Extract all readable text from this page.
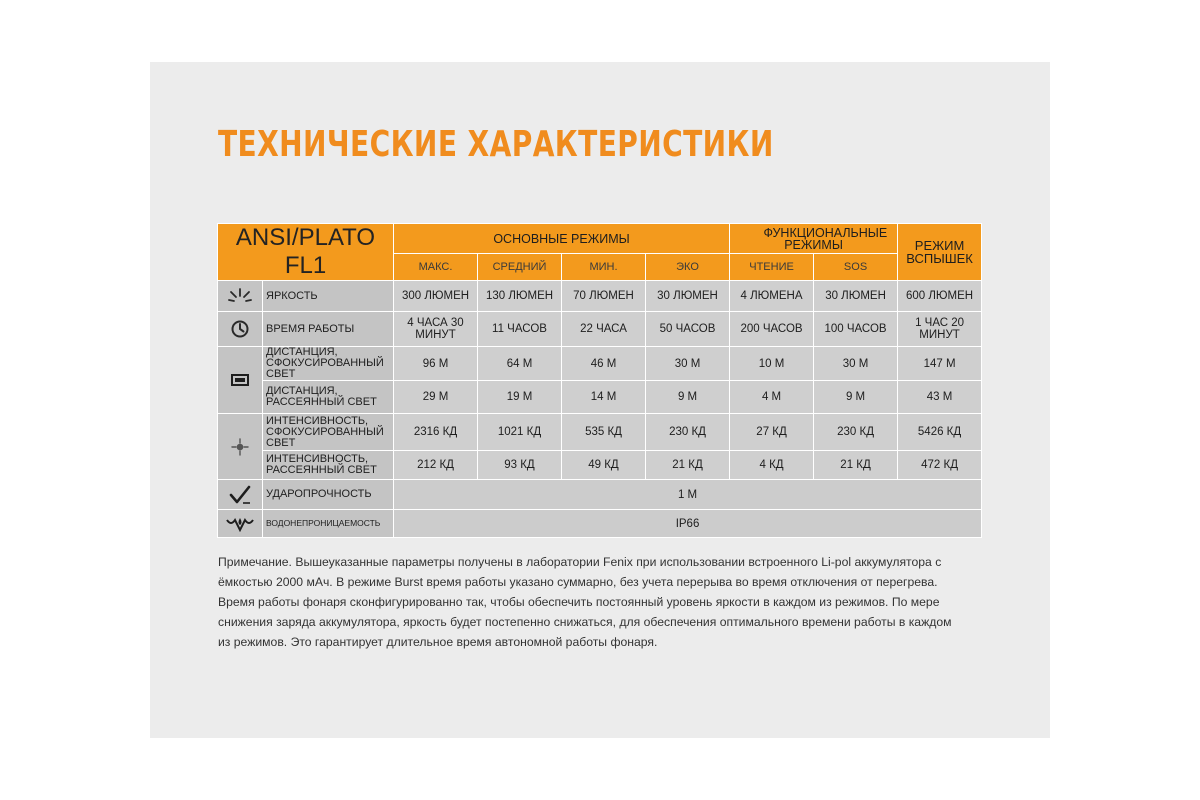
ТЕХНИЧЕСКИЕ ХАРАКТЕРИСТИКИ
ANSI/PLATO FL1		ОСНОВНЫЕ РЕЖИМЫ				ФУНКЦИОНАЛЬНЫЕ РЕЖИМЫ		РЕЖИМ ВСПЫШЕК

		МАКС.	СРЕДНИЙ	МИН.	ЭКО	ЧТЕНИЕ	SOS	
	ЯРКОСТЬ	300 ЛЮМЕН	130 ЛЮМЕН	70 ЛЮМЕН	30 ЛЮМЕН	4 ЛЮМЕНА	30 ЛЮМЕН	600 ЛЮМЕН
	ВРЕМЯ РАБОТЫ	4 ЧАСА 30 МИНУТ	11 ЧАСОВ	22 ЧАСА	50 ЧАСОВ	200 ЧАСОВ	100 ЧАСОВ	1 ЧАС 20 МИНУТ

	ДИСТАНЦИЯ, СФОКУСИРОВАННЫЙ СВЕТ	96 М	64 М	46 М	30 М	10 М	30 М	147 М
	ДИСТАНЦИЯ, РАССЕЯННЫЙ СВЕТ	29 М	19 М	14 М	9 М	4 М	9 М	43 М
	ИНТЕНСИВНОСТЬ, СФОКУСИРОВАННЫЙ СВЕТ	2316 КД	1021 КД	535 КД	230 КД	27 КД	230 КД	5426 КД
	ИНТЕНСИВНОСТЬ, РАССЕЯННЫЙ СВЕТ	212 КД	93 КД	49 КД	21 КД	4 КД	21 КД	472 КД
	УДАРОПРОЧНОСТЬ	1 М						
	ВОДОНЕПРОНИЦАЕМОСТЬ	IP66						
Примечание. Вышеуказанные параметры получены в лаборатории Fenix при использовании встроенного Li-pol аккумулятора с
ёмкостью 2000 мАч. В режиме Burst время работы указано суммарно, без учета перерыва во время отключения от перегрева.
Время работы фонаря сконфигурированно так, чтобы обеспечить постоянный уровень яркости в каждом из режимов. По мере
снижения заряда аккумулятора, яркость будет постепенно снижаться, для обеспечения оптимального времени работы в каждом
из режимов. Это гарантирует длительное время автономной работы фонаря.
